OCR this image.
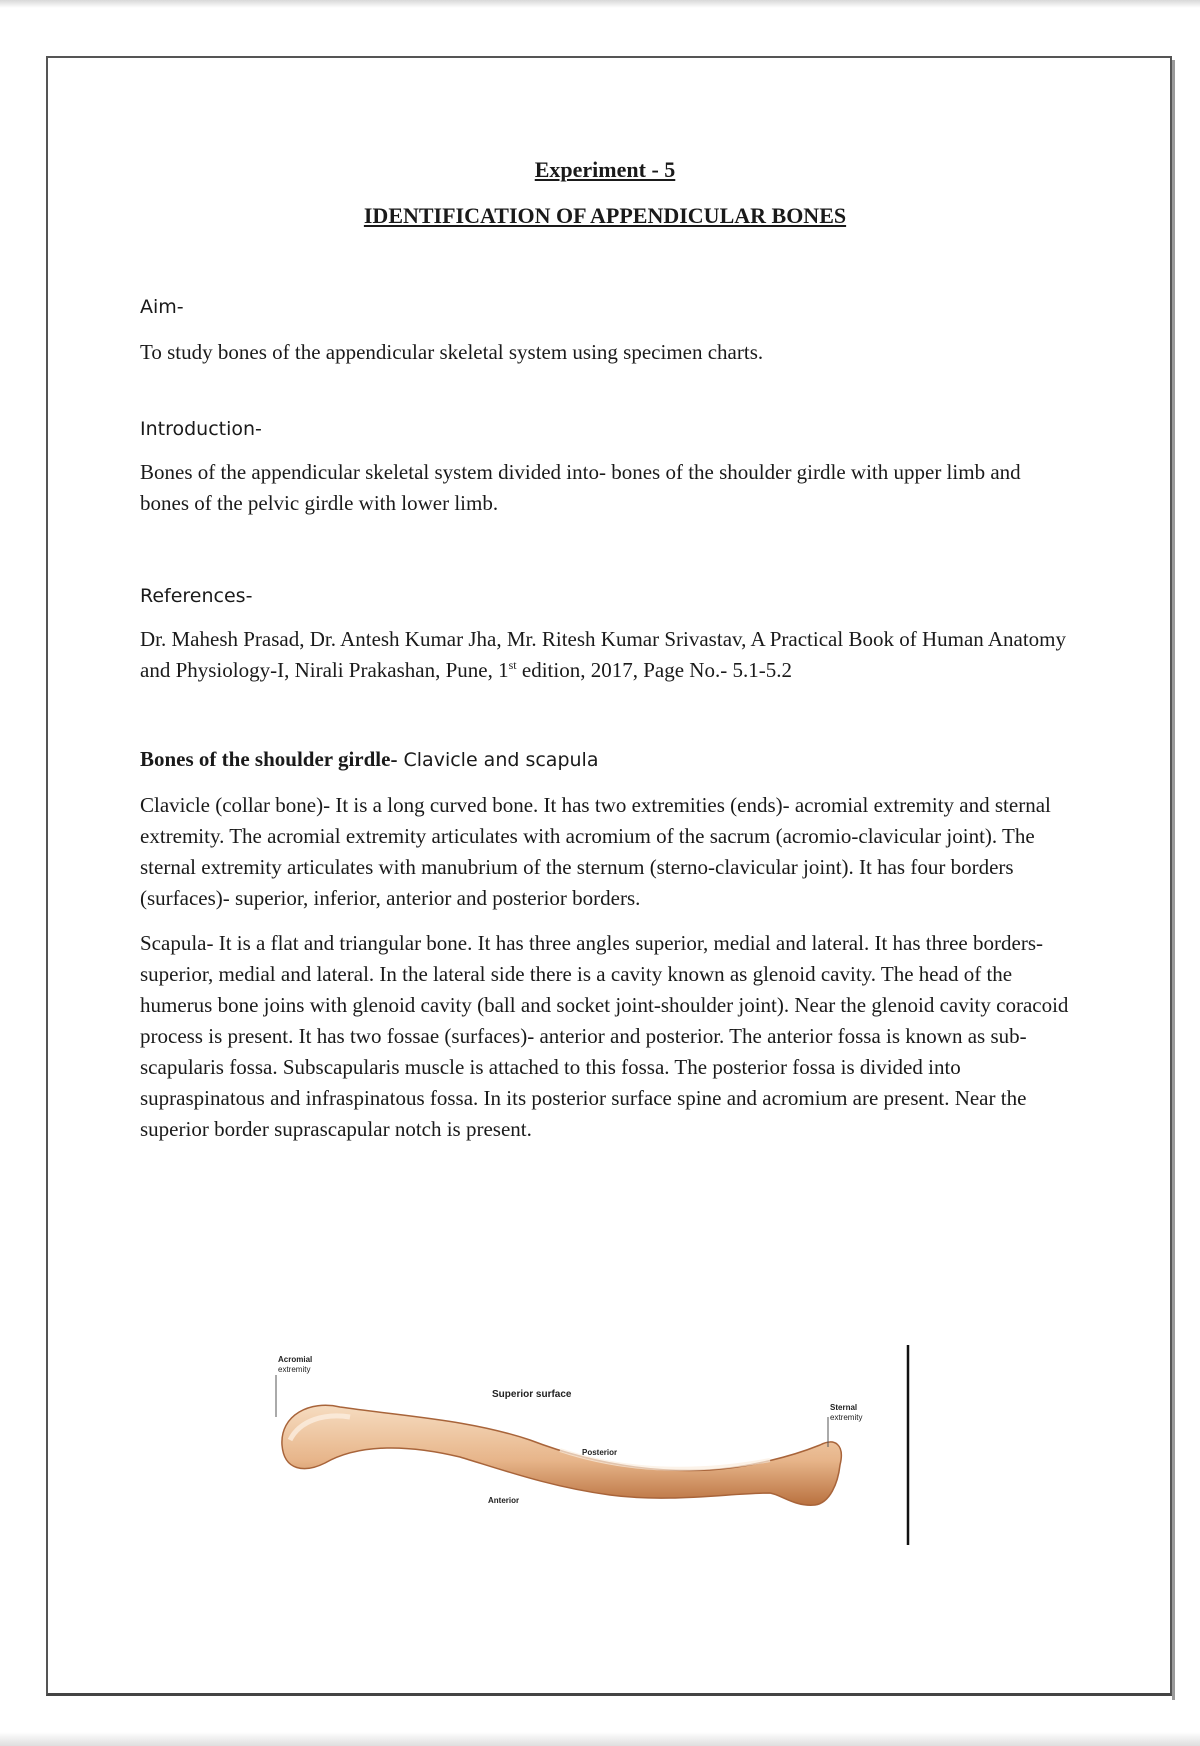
Experiment - 5

IDENTIFICATION OF APPENDICULAR BONES

Aim-

To study bones of the appendicular skeletal system using specimen charts.

Introduction-

Bones of the appendicular skeletal system divided into- bones of the shoulder girdle with upper limb and bones of the pelvic girdle with lower limb.

References-

Dr. Mahesh Prasad, Dr. Antesh Kumar Jha, Mr. Ritesh Kumar Srivastav, A Practical Book of Human Anatomy and Physiology-I, Nirali Prakashan, Pune, 1st edition, 2017, Page No.- 5.1-5.2

Bones of the shoulder girdle- Clavicle and scapula

Clavicle (collar bone)- It is a long curved bone. It has two extremities (ends)- acromial extremity and sternal extremity. The acromial extremity articulates with acromium of the sacrum (acromio-clavicular joint). The sternal extremity articulates with manubrium of the sternum (sterno-clavicular joint). It has four borders (surfaces)- superior, inferior, anterior and posterior borders.

Scapula- It is a flat and triangular bone. It has three angles superior, medial and lateral. It has three borders- superior, medial and lateral. In the lateral side there is a cavity known as glenoid cavity. The head of the humerus bone joins with glenoid cavity (ball and socket joint-shoulder joint). Near the glenoid cavity coracoid process is present. It has two fossae (surfaces)- anterior and posterior. The anterior fossa is known as sub-scapularis fossa. Subscapularis muscle is attached to this fossa. The posterior fossa is divided into supraspinatous and infraspinatous fossa. In its posterior surface spine and acromium are present. Near the superior border suprascapular notch is present.

Acromial
extremity
Superior surface
Sternal
extremity
Posterior
Anterior
